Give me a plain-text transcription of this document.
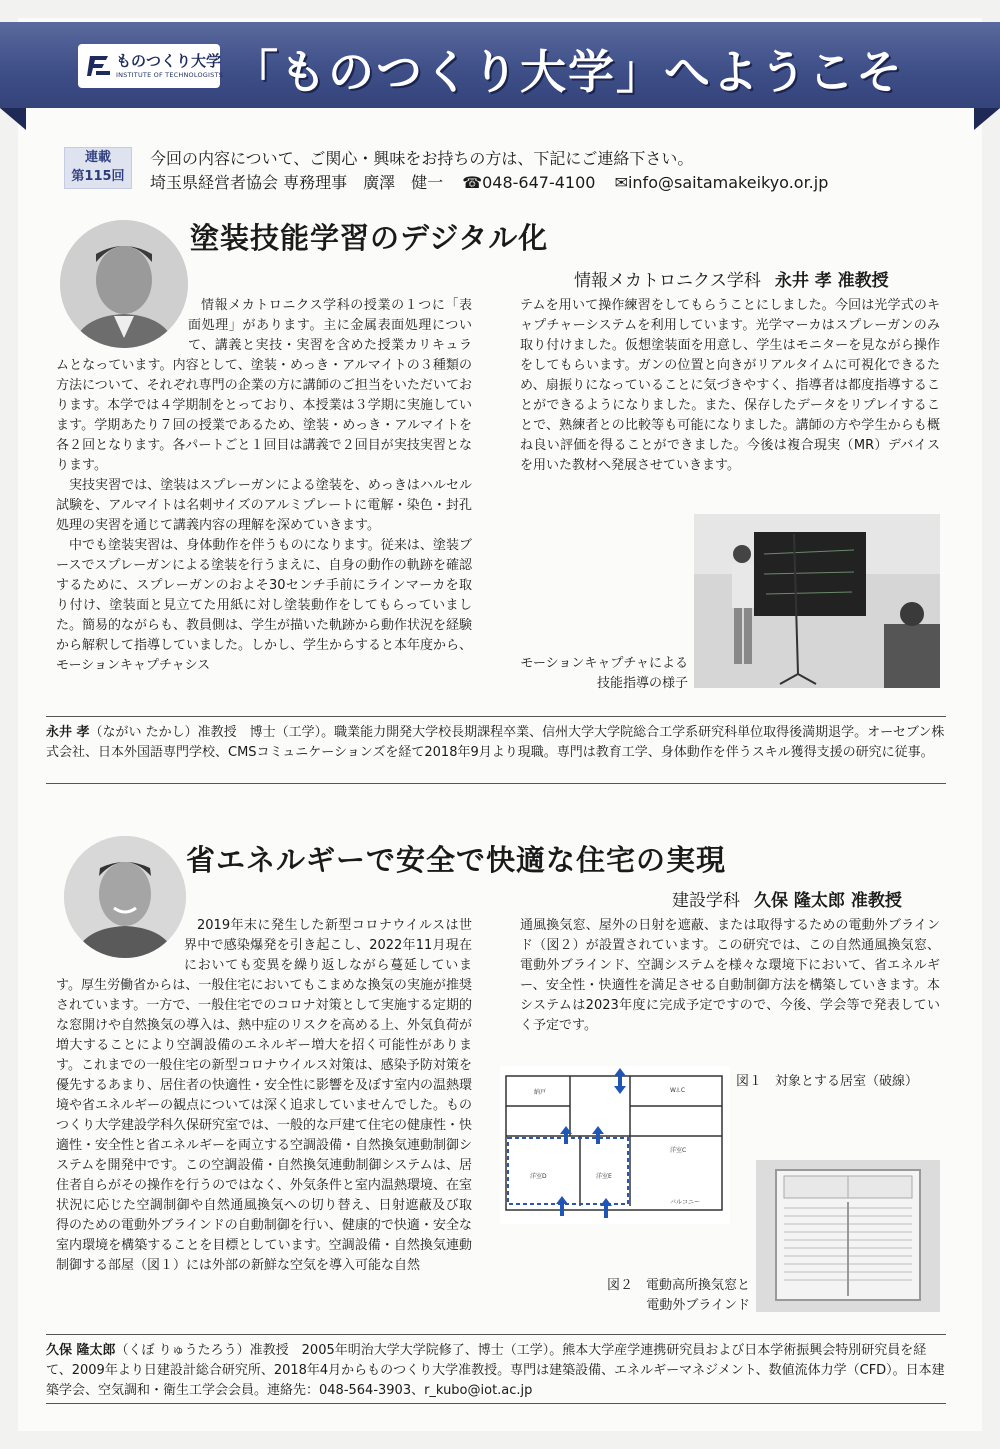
ものつくり大学
INSTITUTE OF TECHNOLOGISTS 「ものつくり大学」へようこそ
連載
第115回
今回の内容について、ご関心・興味をお持ちの方は、下記にご連絡下さい。
埼玉県経営者協会 専務理事　廣澤　健一 ☎048-647-4100 ✉info@saitamakeikyo.or.jp
塗装技能学習のデジタル化
情報メカトロニクス学科 永井 孝 准教授

情報メカトロニクス学科の授業の１つに「表面処理」があります。主に金属表面処理について、講義と実技・実習を含めた授業カリキュラムとなっています。内容として、塗装・めっき・アルマイトの３種類の方法について、それぞれ専門の企業の方に講師のご担当をいただいております。本学では４学期制をとっており、本授業は３学期に実施しています。学期あたり７回の授業であるため、塗装・めっき・アルマイトを各２回となります。各パートごと１回目は講義で２回目が実技実習となります。

実技実習では、塗装はスプレーガンによる塗装を、めっきはハルセル試験を、アルマイトは名刺サイズのアルミプレートに電解・染色・封孔処理の実習を通じて講義内容の理解を深めていきます。

中でも塗装実習は、身体動作を伴うものになります。従来は、塗装ブースでスプレーガンによる塗装を行うまえに、自身の動作の軌跡を確認するために、スプレーガンのおよそ30センチ手前にラインマーカを取り付け、塗装面と見立てた用紙に対し塗装動作をしてもらっていました。簡易的ながらも、教員側は、学生が描いた軌跡から動作状況を経験から解釈して指導していました。しかし、学生からすると本年度から、モーションキャプチャシス

テムを用いて操作練習をしてもらうことにしました。今回は光学式のキャプチャーシステムを利用しています。光学マーカはスプレーガンのみ取り付けました。仮想塗装面を用意し、学生はモニターを見ながら操作をしてもらいます。ガンの位置と向きがリアルタイムに可視化できるため、扇振りになっていることに気づきやすく、指導者は都度指導することができるようになりました。また、保存したデータをリプレイすることで、熟練者との比較等も可能になりました。講師の方や学生からも概ね良い評価を得ることができました。今後は複合現実（MR）デバイスを用いた教材へ発展させていきます。

モーションキャプチャによる
技能指導の様子
永井 孝（ながい たかし）准教授　博士（工学）。職業能力開発大学校長期課程卒業、信州大学大学院総合工学系研究科単位取得後満期退学。オーセブン株式会社、日本外国語専門学校、CMSコミュニケーションズを経て2018年9月より現職。専門は教育工学、身体動作を伴うスキル獲得支援の研究に従事。
省エネルギーで安全で快適な住宅の実現
建設学科 久保 隆太郎 准教授

2019年末に発生した新型コロナウイルスは世界中で感染爆発を引き起こし、2022年11月現在においても変異を繰り返しながら蔓延しています。厚生労働省からは、一般住宅においてもこまめな換気の実施が推奨されています。一方で、一般住宅でのコロナ対策として実施する定期的な窓開けや自然換気の導入は、熱中症のリスクを高める上、外気負荷が増大することにより空調設備のエネルギー増大を招く可能性があります。これまでの一般住宅の新型コロナウイルス対策は、感染予防対策を優先するあまり、居住者の快適性・安全性に影響を及ぼす室内の温熱環境や省エネルギーの観点については深く追求していませんでした。ものつくり大学建設学科久保研究室では、一般的な戸建て住宅の健康性・快適性・安全性と省エネルギーを両立する空調設備・自然換気連動制御システムを開発中です。この空調設備・自然換気連動制御システムは、居住者自らがその操作を行うのではなく、外気条件と室内温熱環境、在室状況に応じた空調制御や自然通風換気への切り替え、日射遮蔽及び取得のための電動外ブラインドの自動制御を行い、健康的で快適・安全な室内環境を構築することを目標としています。空調設備・自然換気連動制御する部屋（図１）には外部の新鮮な空気を導入可能な自然

通風換気窓、屋外の日射を遮蔽、または取得するための電動外ブラインド（図２）が設置されています。この研究では、この自然通風換気窓、電動外ブラインド、空調システムを様々な環境下において、省エネルギー、安全性・快適性を満足させる自動制御方法を構築していきます。本システムは2023年度に完成予定ですので、今後、学会等で発表していく予定です。

納戸	W.I.C
洋室C
洋室D	洋室E
バルコニー
図１　対象とする居室（破線）
図２　電動高所換気窓と
電動外ブラインド
久保 隆太郎（くぼ りゅうたろう）准教授　2005年明治大学大学院修了、博士（工学）。熊本大学産学連携研究員および日本学術振興会特別研究員を経て、2009年より日建設計総合研究所、2018年4月からものつくり大学准教授。専門は建築設備、エネルギーマネジメント、数値流体力学（CFD）。日本建築学会、空気調和・衛生工学会会員。連絡先：048-564-3903、r_kubo@iot.ac.jp
